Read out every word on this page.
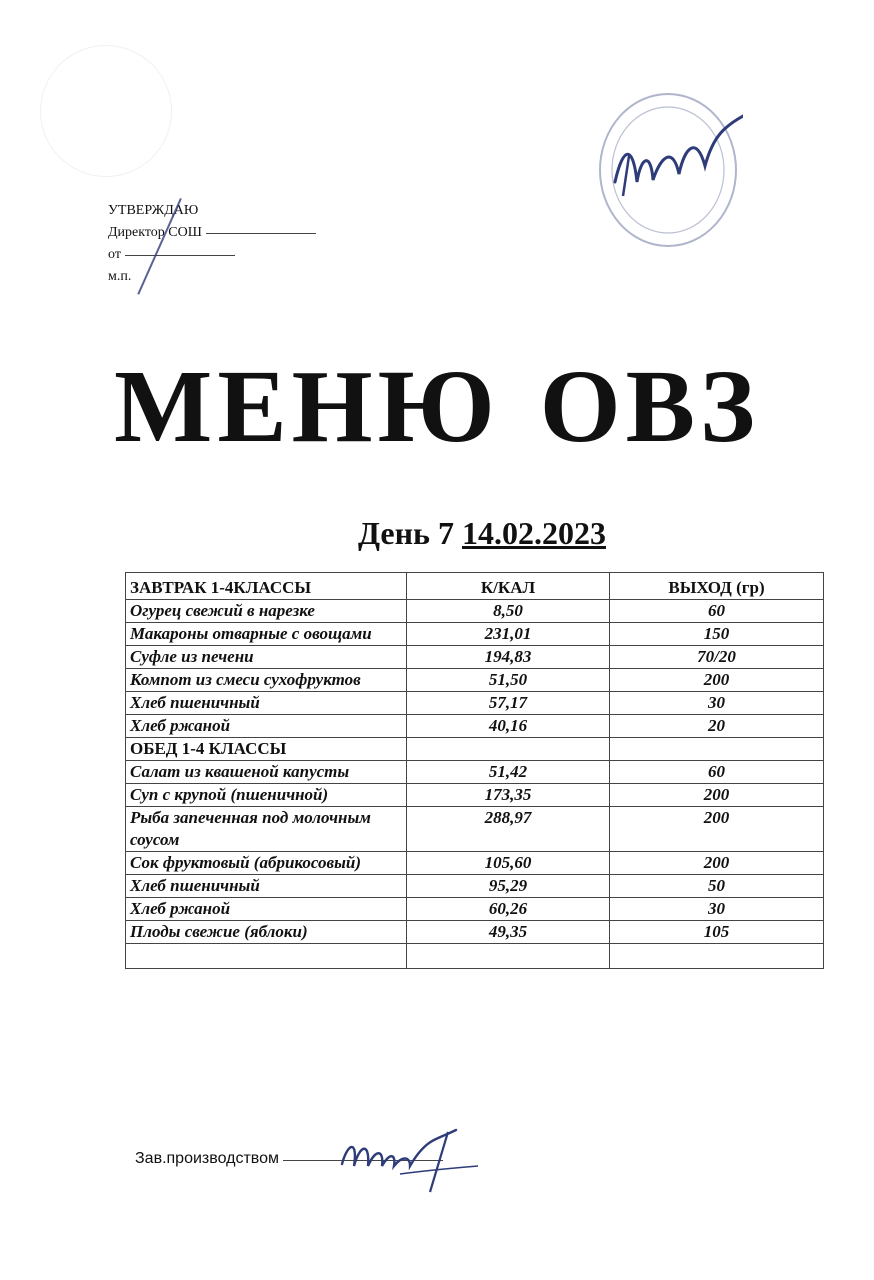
УТВЕРЖДАЮ
Директор СОШ
от
м.п.
МЕНЮ ОВЗ
День 7 14.02.2023
ЗАВТРАК 1-4КЛАССЫ	К/КАЛ	ВЫХОД (гр)
Огурец свежий в нарезке	8,50	60
Макароны отварные с овощами	231,01	150
Суфле из печени	194,83	70/20
Компот из смеси сухофруктов	51,50	200
Хлеб пшеничный	57,17	30
Хлеб ржаной	40,16	20
ОБЕД 1-4 КЛАССЫ		
Салат из квашеной капусты	51,42	60
Суп с крупой (пшеничной)	173,35	200
Рыба запеченная под молочным соусом	288,97	200
Сок фруктовый (абрикосовый)	105,60	200
Хлеб пшеничный	95,29	50
Хлеб ржаной	60,26	30
Плоды свежие (яблоки)	49,35	105

Зав.производством
